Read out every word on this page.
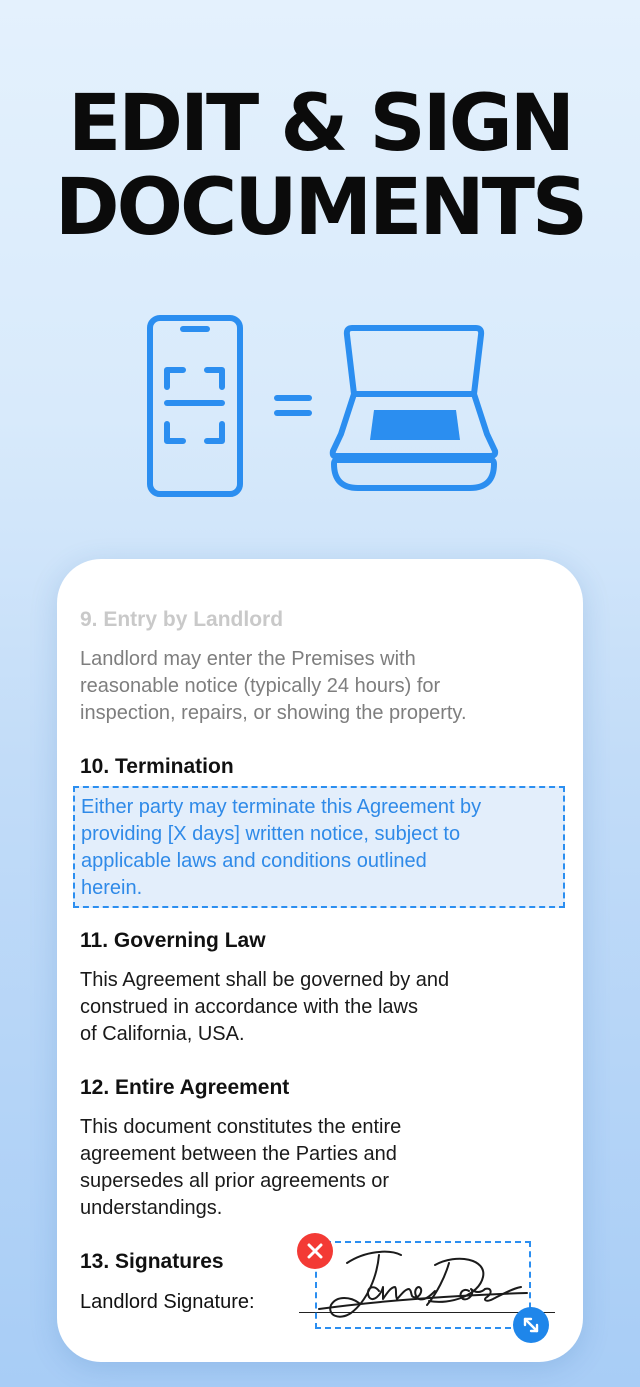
EDIT & SIGN
DOCUMENTS
9. Entry by Landlord
Landlord may enter the Premises with
reasonable notice (typically 24 hours) for
inspection, repairs, or showing the property.
10. Termination
Either party may terminate this Agreement by
providing [X days] written notice, subject to
applicable laws and conditions outlined
herein.
11. Governing Law
This Agreement shall be governed by and
construed in accordance with the laws
of California, USA.
12. Entire Agreement
This document constitutes the entire
agreement between the Parties and
supersedes all prior agreements or
understandings.
13. Signatures
Landlord Signature:
